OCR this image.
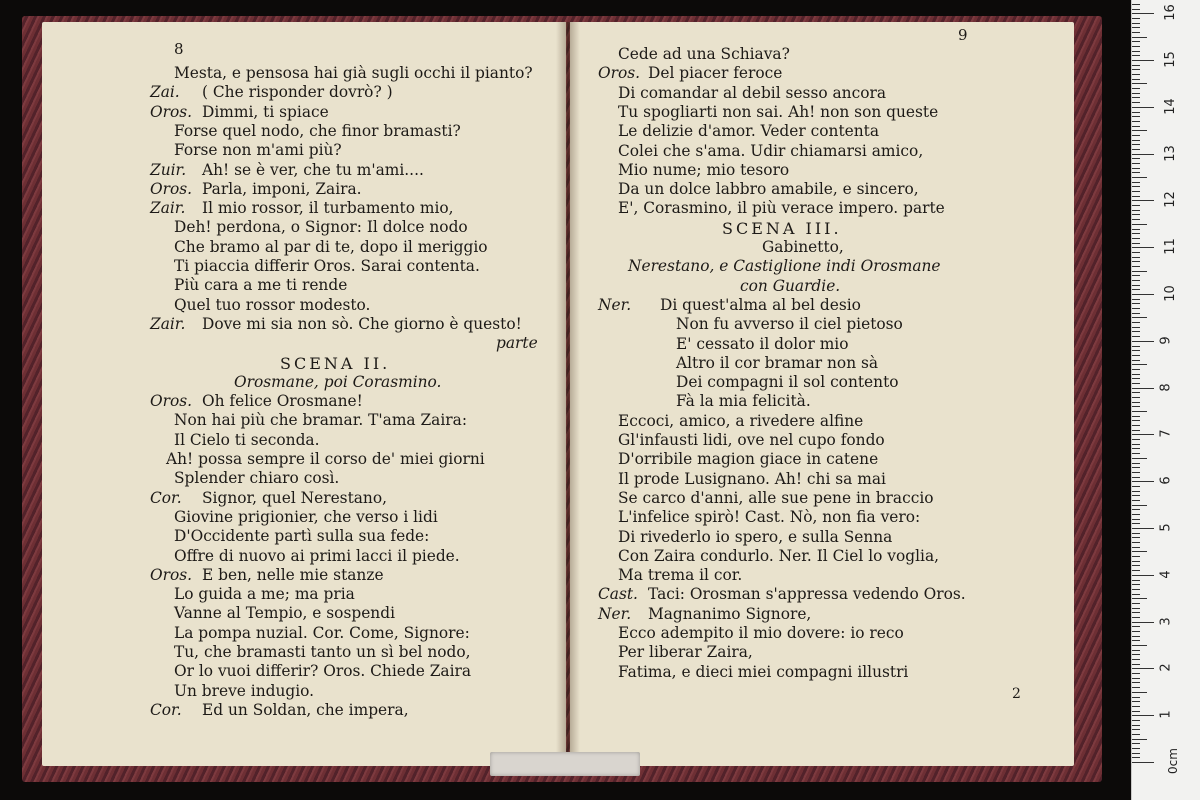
8
Mesta, e pensosa hai già sugli occhi il pianto?
Zai. ( Che risponder dovrò? )
Oros. Dimmi, ti spiace
Forse quel nodo, che finor bramasti?
Forse non m'ami più?
Zuir. Ah! se è ver, che tu m'ami....
Oros. Parla, imponi, Zaira.
Zair. Il mio rossor, il turbamento mio,
Deh! perdona, o Signor: Il dolce nodo
Che bramo al par di te, dopo il meriggio
Ti piaccia differir Oros. Sarai contenta.
Più cara a me ti rende
Quel tuo rossor modesto.
Zair. Dove mi sia non sò. Che giorno è questo!
parte
SCENA II.
Orosmane, poi Corasmino.
Oros. Oh felice Orosmane!
Non hai più che bramar. T'ama Zaira:
Il Cielo ti seconda.
Ah! possa sempre il corso de' miei giorni
Splender chiaro così.
Cor. Signor, quel Nerestano,
Giovine prigionier, che verso i lidi
D'Occidente partì sulla sua fede:
Offre di nuovo ai primi lacci il piede.
Oros. E ben, nelle mie stanze
Lo guida a me; ma pria
Vanne al Tempio, e sospendi
La pompa nuzial. Cor. Come, Signore:
Tu, che bramasti tanto un sì bel nodo,
Or lo vuoi differir? Oros. Chiede Zaira
Un breve indugio.
Cor. Ed un Soldan, che impera,
9
Cede ad una Schiava?
Oros. Del piacer feroce
Di comandar al debil sesso ancora
Tu spogliarti non sai. Ah! non son queste
Le delizie d'amor. Veder contenta
Colei che s'ama. Udir chiamarsi amico,
Mio nume; mio tesoro
Da un dolce labbro amabile, e sincero,
E', Corasmino, il più verace impero. parte
SCENA III.
Gabinetto,
Nerestano, e Castiglione indi Orosmane
con Guardie.
Ner. Di quest'alma al bel desio
Non fu avverso il ciel pietoso
E' cessato il dolor mio
Altro il cor bramar non sà
Dei compagni il sol contento
Fà la mia felicità.
Eccoci, amico, a rivedere alfine
Gl'infausti lidi, ove nel cupo fondo
D'orribile magion giace in catene
Il prode Lusignano. Ah! chi sa mai
Se carco d'anni, alle sue pene in braccio
L'infelice spirò! Cast. Nò, non fia vero:
Di rivederlo io spero, e sulla Senna
Con Zaira condurlo. Ner. Il Ciel lo voglia,
Ma trema il cor.
Cast. Taci: Orosman s'appressa vedendo Oros.
Ner. Magnanimo Signore,
Ecco adempito il mio dovere: io reco
Per liberar Zaira,
Fatima, e dieci miei compagni illustri
2
1
2
3
4
5
6
7
8
9
10
11
12
13
14
15
16
0cm
